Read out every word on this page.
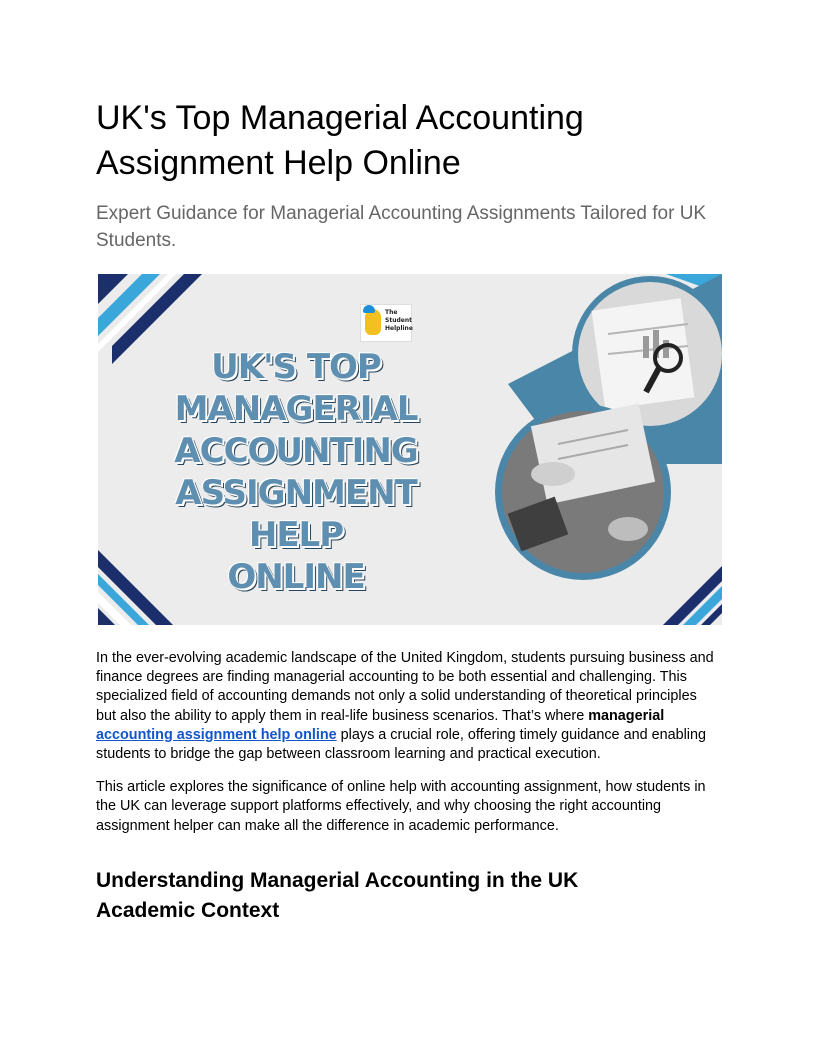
UK's Top Managerial Accounting
Assignment Help Online

Expert Guidance for Managerial Accounting Assignments Tailored for UK Students.

The
Student
Helpline
UK'S TOP
MANAGERIAL
ACCOUNTING
ASSIGNMENT HELP
ONLINE

In the ever-evolving academic landscape of the United Kingdom, students pursuing business and finance degrees are finding managerial accounting to be both essential and challenging. This specialized field of accounting demands not only a solid understanding of theoretical principles but also the ability to apply them in real-life business scenarios. That’s where managerial accounting assignment help online plays a crucial role, offering timely guidance and enabling students to bridge the gap between classroom learning and practical execution.

This article explores the significance of online help with accounting assignment, how students in the UK can leverage support platforms effectively, and why choosing the right accounting assignment helper can make all the difference in academic performance.

Understanding Managerial Accounting in the UK
Academic Context
